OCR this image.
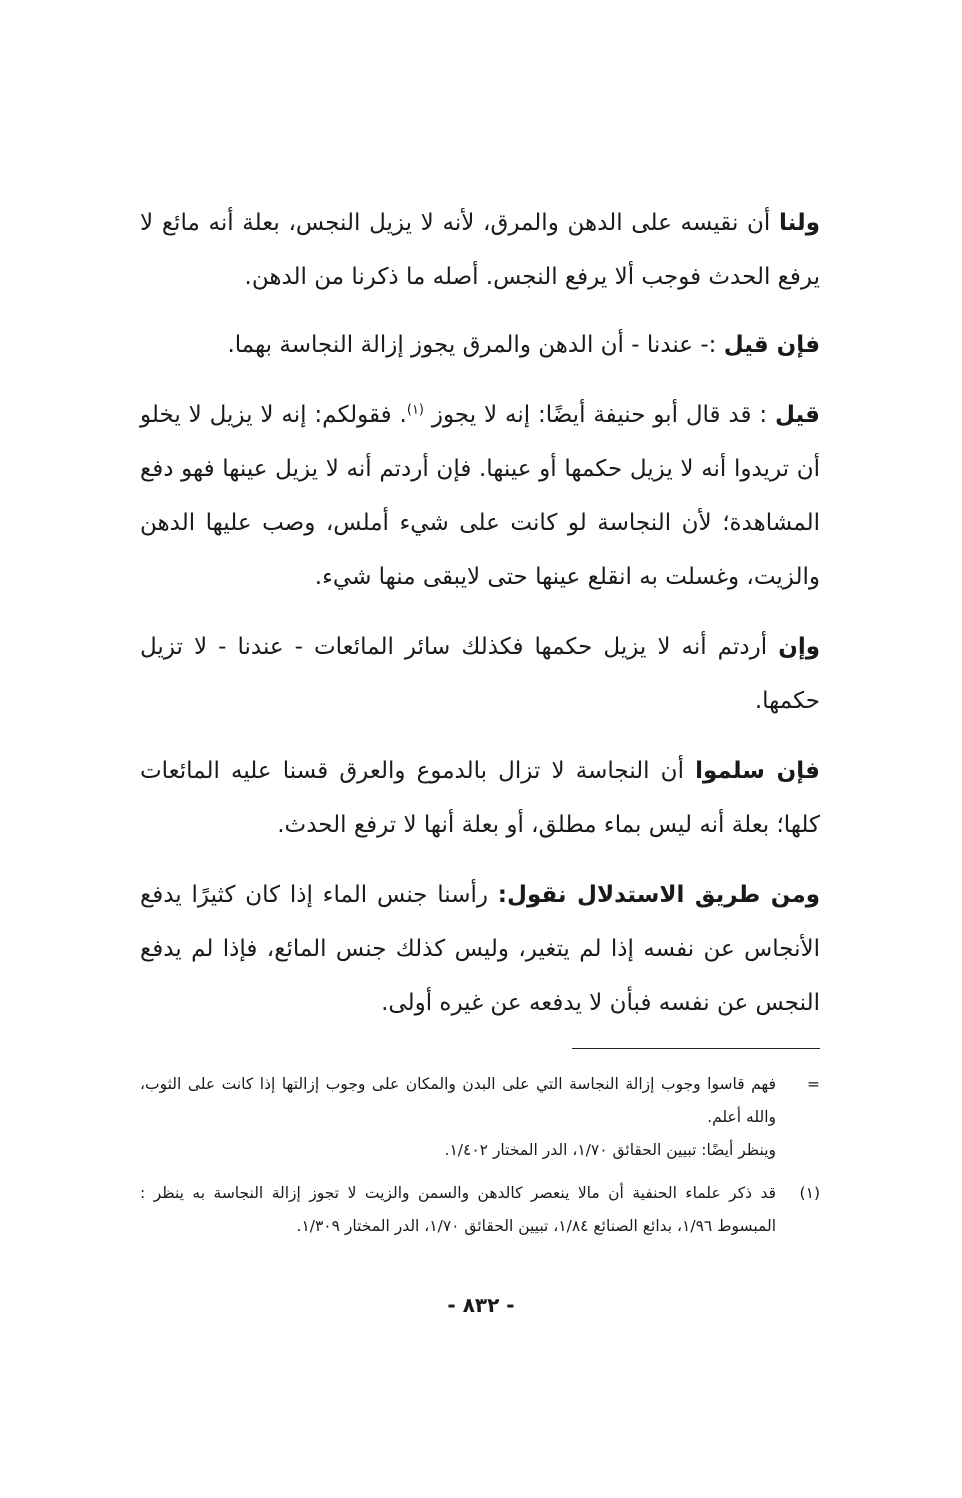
ولنا أن نقيسه على الدهن والمرق، لأنه لا يزيل النجس، بعلة أنه مائع لا يرفع الحدث فوجب ألا يرفع النجس. أصله ما ذكرنا من الدهن.

فإن قيل :- عندنا - أن الدهن والمرق يجوز إزالة النجاسة بهما.

قيل : قد قال أبو حنيفة أيضًا: إنه لا يجوز $^{(١)}$. فقولكم: إنه لا يزيل لا يخلو أن تريدوا أنه لا يزيل حكمها أو عينها. فإن أردتم أنه لا يزيل عينها فهو دفع المشاهدة؛ لأن النجاسة لو كانت على شيء أملس، وصب عليها الدهن والزيت، وغسلت به انقلع عينها حتى لايبقى منها شيء.

وإن أردتم أنه لا يزيل حكمها فكذلك سائر المائعات - عندنا - لا تزيل حكمها.

فإن سلموا أن النجاسة لا تزال بالدموع والعرق قسنا عليه المائعات كلها؛ بعلة أنه ليس بماء مطلق، أو بعلة أنها لا ترفع الحدث.

ومن طريق الاستدلال نقول: رأسنا جنس الماء إذا كان كثيرًا يدفع الأنجاس عن نفسه إذا لم يتغير، وليس كذلك جنس المائع، فإذا لم يدفع النجس عن نفسه فبأن لا يدفعه عن غيره أولى.

=
فهم قاسوا وجوب إزالة النجاسة التي على البدن والمكان على وجوب إزالتها إذا كانت على الثوب، والله أعلم.
وينظر أيضًا: تبيين الحقائق ١/٧٠، الدر المختار ١/٤٠٢.
(١)
قد ذكر علماء الحنفية أن مالا ينعصر كالدهن والسمن والزيت لا تجوز إزالة النجاسة به ينظر : المبسوط ١/٩٦، بدائع الصنائع ١/٨٤، تبيين الحقائق ١/٧٠، الدر المختار ١/٣٠٩.
- ٨٣٢ -
